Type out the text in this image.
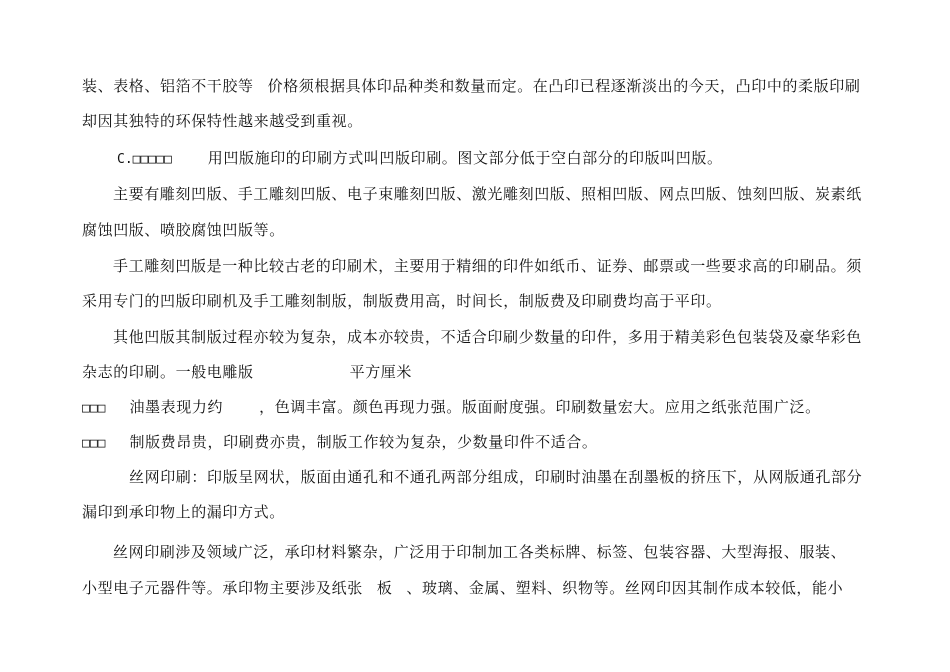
装、表格、铝箔不干胶等 价格须根据具体印品种类和数量而定。在凸印已程逐渐淡出的今天，凸印中的柔版印刷
却因其独特的环保特性越来越受到重视。
C.□□□□□ 用凹版施印的印刷方式叫凹版印刷。图文部分低于空白部分的印版叫凹版。
主要有雕刻凹版、手工雕刻凹版、电子束雕刻凹版、激光雕刻凹版、照相凹版、网点凹版、蚀刻凹版、炭素纸
腐蚀凹版、喷胶腐蚀凹版等。
手工雕刻凹版是一种比较古老的印刷术，主要用于精细的印件如纸币、证券、邮票或一些要求高的印刷品。须
采用专门的凹版印刷机及手工雕刻制版，制版费用高，时间长，制版费及印刷费均高于平印。
其他凹版其制版过程亦较为复杂，成本亦较贵，不适合印刷少数量的印件，多用于精美彩色包装袋及豪华彩色
杂志的印刷。一般电雕版	平方厘米
□□□ 油墨表现力约 ，色调丰富。颜色再现力强。版面耐度强。印刷数量宏大。应用之纸张范围广泛。
□□□ 制版费昂贵，印刷费亦贵，制版工作较为复杂，少数量印件不适合。
丝网印刷：印版呈网状，版面由通孔和不通孔两部分组成，印刷时油墨在刮墨板的挤压下，从网版通孔部分
漏印到承印物上的漏印方式。
丝网印刷涉及领域广泛，承印材料繁杂，广泛用于印制加工各类标牌、标签、包装容器、大型海报、服装、
小型电子元器件等。承印物主要涉及纸张 板 、玻璃、金属、塑料、织物等。丝网印因其制作成本较低，能小
